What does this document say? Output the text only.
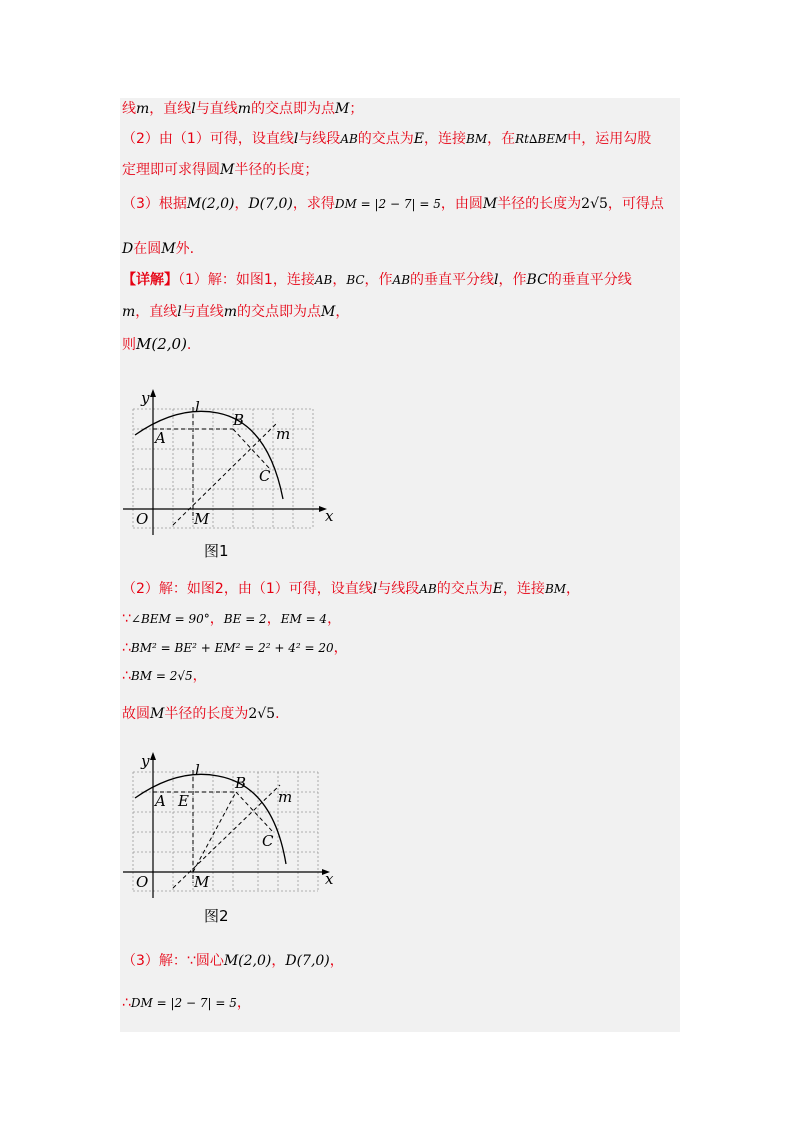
线m，直线l与直线m的交点即为点M；
（2）由（1）可得，设直线l与线段AB的交点为E，连接BM，在Rt∆BEM中，运用勾股
定理即可求得圆M半径的长度；
（3）根据M(2,0)，D(7,0)，求得DM = |2 − 7| = 5，由圆M半径的长度为2√5，可得点
D在圆M外.
【详解】（1）解：如图1，连接AB，BC，作AB的垂直平分线l，作BC的垂直平分线
m，直线l与直线m的交点即为点M，
则M(2,0).
y
x
O
A
B
C
M
l
m
图1
（2）解：如图2，由（1）可得，设直线l与线段AB的交点为E，连接BM，
∵∠BEM = 90°，BE = 2，EM = 4，
∴BM² = BE² + EM² = 2² + 4² = 20，
∴BM = 2√5，
故圆M半径的长度为2√5.
y
x
O
A E
B
C
M
l
m
图2
（3）解：∵圆心M(2,0)，D(7,0)，
∴DM = |2 − 7| = 5，
